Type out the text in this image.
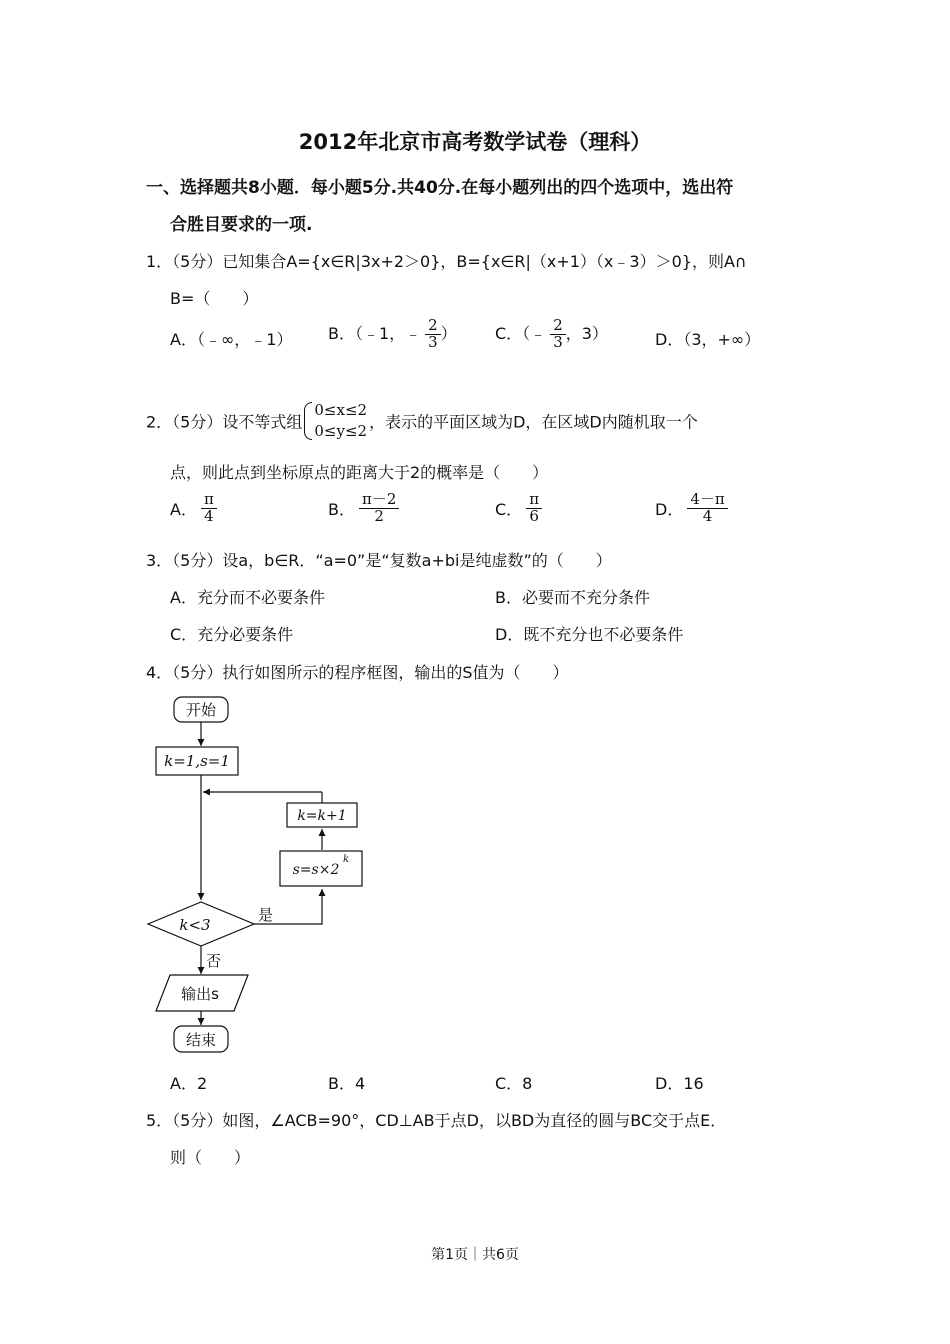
2012年北京市高考数学试卷（理科）
一、选择题共8小题．每小题5分.共40分.在每小题列出的四个选项中，选出符
合胜目要求的一项.
1．（5分）已知集合A={x∈R|3x+2＞0}，B={x∈R|（x+1）（x﹣3）＞0}，则A∩
B=（　　）
A．（﹣∞，﹣1） B．（﹣1，﹣ $\frac{2}{3}$ ） C．（﹣ $\frac{2}{3}$ ，3）	D．（3，+∞）
2．（5分）设不等式组
0≤x≤2
0≤y≤2 ，表示的平面区域为D，在区域D内随机取一个
点，则此点到坐标原点的距离大于2的概率是（　　）
A． $\frac{\pi}{4}$	B． $\frac{\pi-2}{2}$	C． $\frac{\pi}{6}$	D． $\frac{4-\pi}{4}$
3．（5分）设a，b∈R．“a=0”是“复数a+bi是纯虚数”的（　　）
A．充分而不必要条件	B．必要而不充分条件
C．充分必要条件	D．既不充分也不必要条件
4．（5分）执行如图所示的程序框图，输出的S值为（　　）
开始
k=1,s=1
k=k+1
s=s×2
k
k<3
是
否
输出s
结束
A．2	B．4	C．8	D．16
5．（5分）如图，∠ACB=90°，CD⊥AB于点D，以BD为直径的圆与BC交于点E．
则（　　）
第1页｜共6页
